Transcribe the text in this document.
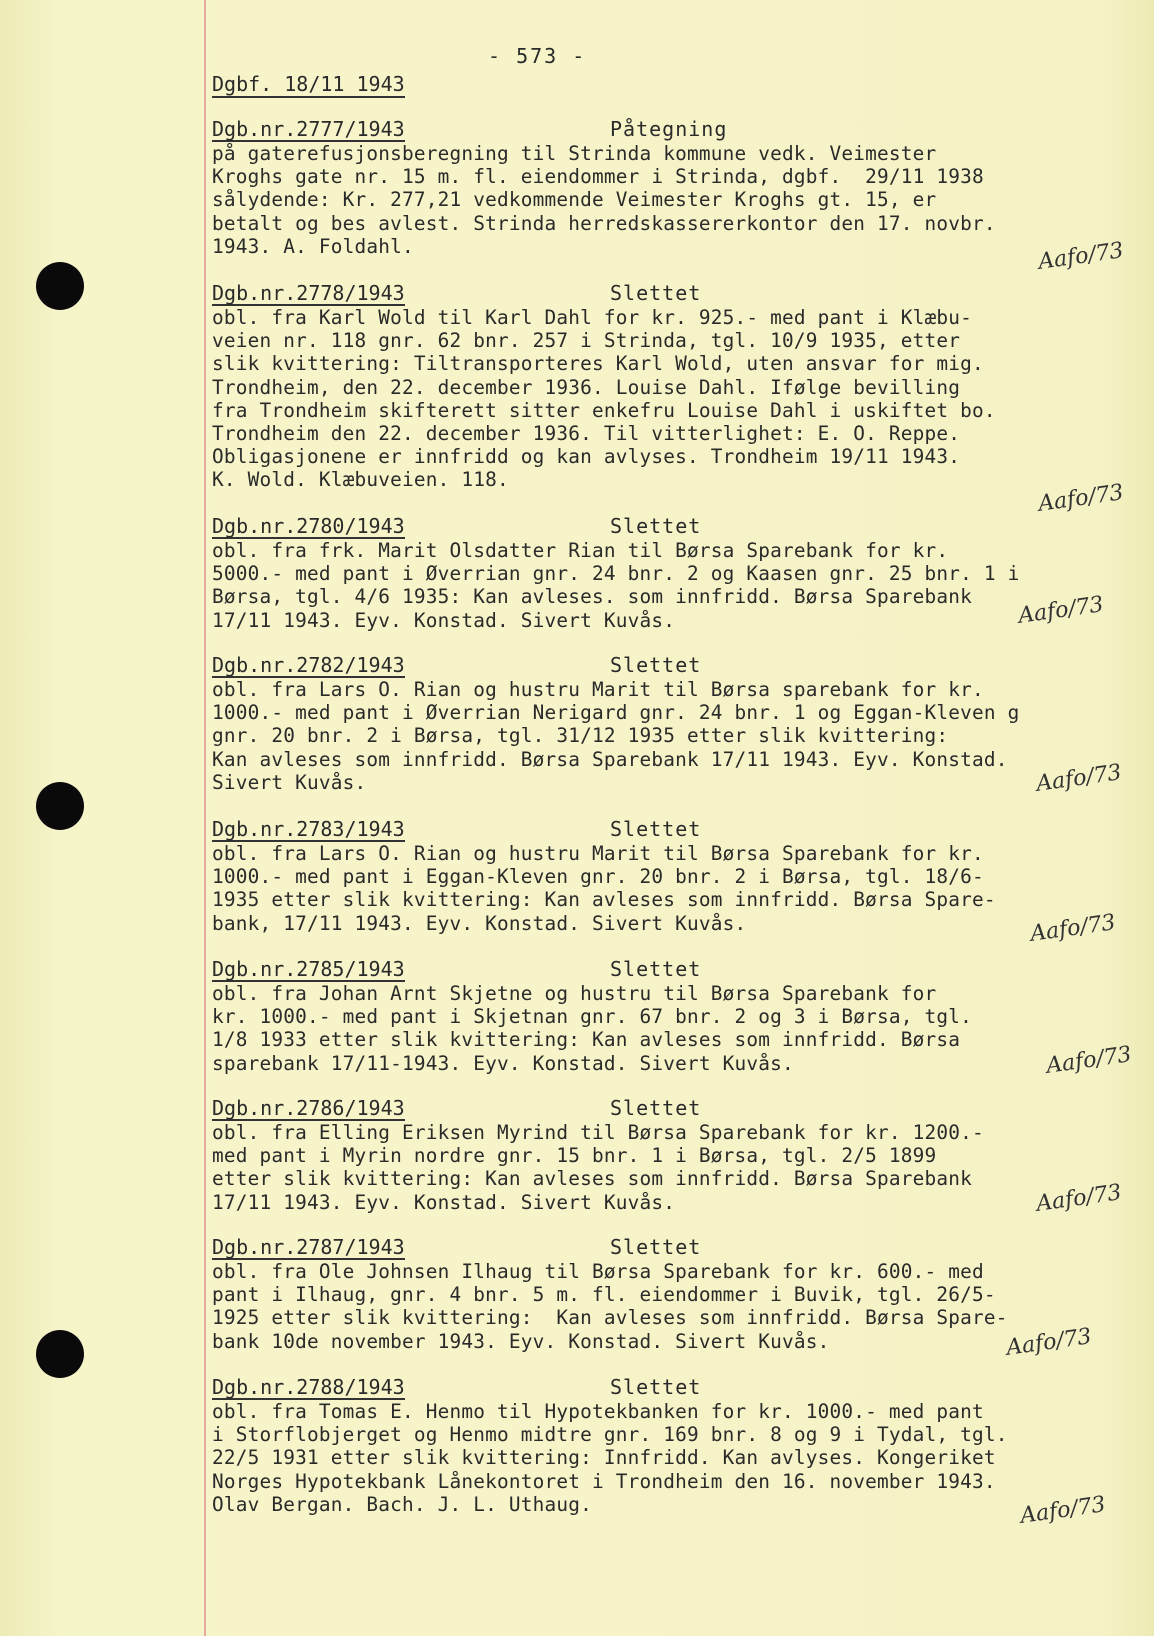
- 573 -
Dgbf. 18/11 1943
Dgb.nr.2777/1943	Påtegning
på gaterefusjonsberegning til Strinda kommune vedk. Veimester
Kroghs gate nr. 15 m. fl. eiendommer i Strinda, dgbf.  29/11 1938
sålydende: Kr. 277,21 vedkommende Veimester Kroghs gt. 15, er
betalt og bes avlest. Strinda herredskassererkontor den 17. novbr.
1943. A. Foldahl.
Dgb.nr.2778/1943	Slettet
obl. fra Karl Wold til Karl Dahl for kr. 925.- med pant i Klæbu-
veien nr. 118 gnr. 62 bnr. 257 i Strinda, tgl. 10/9 1935, etter
slik kvittering: Tiltransporteres Karl Wold, uten ansvar for mig.
Trondheim, den 22. december 1936. Louise Dahl. Ifølge bevilling
fra Trondheim skifterett sitter enkefru Louise Dahl i uskiftet bo.
Trondheim den 22. december 1936. Til vitterlighet: E. O. Reppe.
Obligasjonene er innfridd og kan avlyses. Trondheim 19/11 1943.
K. Wold. Klæbuveien. 118.
Dgb.nr.2780/1943	Slettet
obl. fra frk. Marit Olsdatter Rian til Børsa Sparebank for kr.
5000.- med pant i Øverrian gnr. 24 bnr. 2 og Kaasen gnr. 25 bnr. 1 i
Børsa, tgl. 4/6 1935: Kan avleses. som innfridd. Børsa Sparebank
17/11 1943. Eyv. Konstad. Sivert Kuvås.
Dgb.nr.2782/1943	Slettet
obl. fra Lars O. Rian og hustru Marit til Børsa sparebank for kr.
1000.- med pant i Øverrian Nerigard gnr. 24 bnr. 1 og Eggan-Kleven g
gnr. 20 bnr. 2 i Børsa, tgl. 31/12 1935 etter slik kvittering:
Kan avleses som innfridd. Børsa Sparebank 17/11 1943. Eyv. Konstad.
Sivert Kuvås.
Dgb.nr.2783/1943	Slettet
obl. fra Lars O. Rian og hustru Marit til Børsa Sparebank for kr.
1000.- med pant i Eggan-Kleven gnr. 20 bnr. 2 i Børsa, tgl. 18/6-
1935 etter slik kvittering: Kan avleses som innfridd. Børsa Spare-
bank, 17/11 1943. Eyv. Konstad. Sivert Kuvås.
Dgb.nr.2785/1943	Slettet
obl. fra Johan Arnt Skjetne og hustru til Børsa Sparebank for
kr. 1000.- med pant i Skjetnan gnr. 67 bnr. 2 og 3 i Børsa, tgl.
1/8 1933 etter slik kvittering: Kan avleses som innfridd. Børsa
sparebank 17/11-1943. Eyv. Konstad. Sivert Kuvås.
Dgb.nr.2786/1943	Slettet
obl. fra Elling Eriksen Myrind til Børsa Sparebank for kr. 1200.-
med pant i Myrin nordre gnr. 15 bnr. 1 i Børsa, tgl. 2/5 1899
etter slik kvittering: Kan avleses som innfridd. Børsa Sparebank
17/11 1943. Eyv. Konstad. Sivert Kuvås.
Dgb.nr.2787/1943	Slettet
obl. fra Ole Johnsen Ilhaug til Børsa Sparebank for kr. 600.- med
pant i Ilhaug, gnr. 4 bnr. 5 m. fl. eiendommer i Buvik, tgl. 26/5-
1925 etter slik kvittering:  Kan avleses som innfridd. Børsa Spare-
bank 10de november 1943. Eyv. Konstad. Sivert Kuvås.
Dgb.nr.2788/1943	Slettet
obl. fra Tomas E. Henmo til Hypotekbanken for kr. 1000.- med pant
i Storflobjerget og Henmo midtre gnr. 169 bnr. 8 og 9 i Tydal, tgl.
22/5 1931 etter slik kvittering: Innfridd. Kan avlyses. Kongeriket
Norges Hypotekbank Lånekontoret i Trondheim den 16. november 1943.
Olav Bergan. Bach. J. L. Uthaug.
Aafo/73
Aafo/73
Aafo/73
Aafo/73
Aafo/73
Aafo/73
Aafo/73
Aafo/73
Aafo/73
